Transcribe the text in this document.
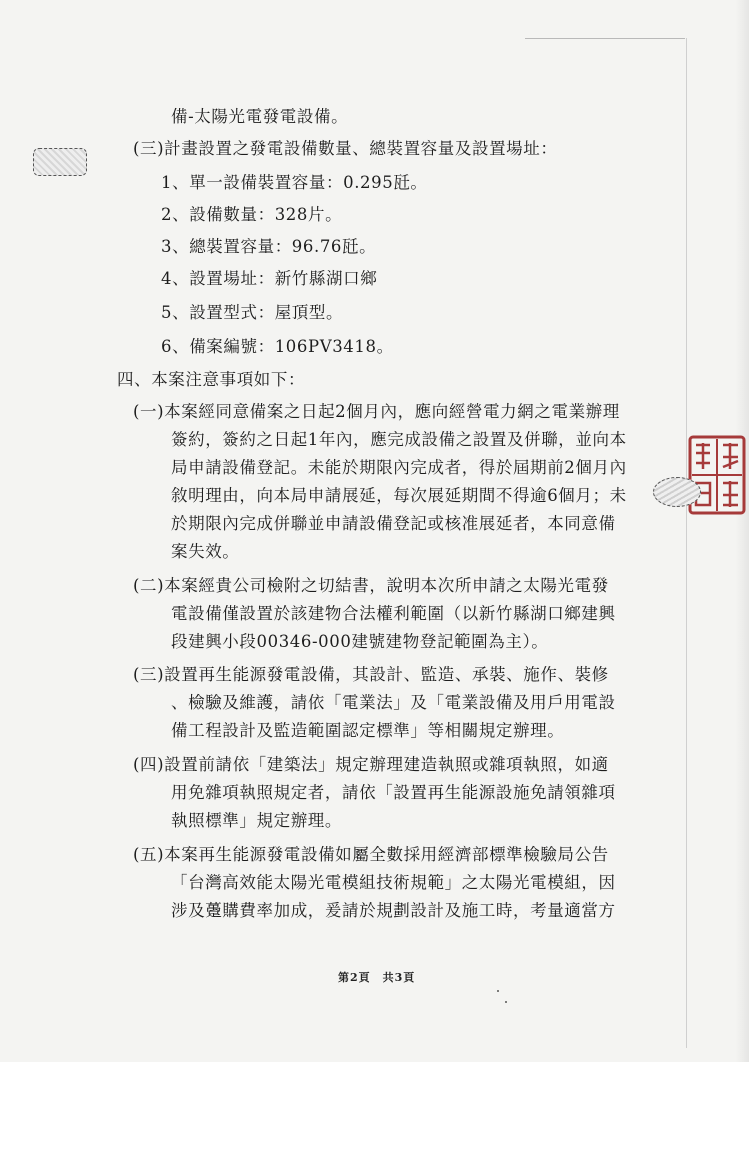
備-太陽光電發電設備。
(三)計畫設置之發電設備數量、總裝置容量及設置場址：
1、單一設備裝置容量：0.295瓩。
2、設備數量：328片。
3、總裝置容量：96.76瓩。
4、設置場址：新竹縣湖口鄉
5、設置型式：屋頂型。
6、備案編號：106PV3418。
四、本案注意事項如下：
(一)本案經同意備案之日起2個月內，應向經營電力網之電業辦理
簽約，簽約之日起1年內，應完成設備之設置及併聯，並向本
局申請設備登記。未能於期限內完成者，得於屆期前2個月內
敘明理由，向本局申請展延，每次展延期間不得逾6個月；未
於期限內完成併聯並申請設備登記或核准展延者，本同意備
案失效。
(二)本案經貴公司檢附之切結書，說明本次所申請之太陽光電發
電設備僅設置於該建物合法權利範圍（以新竹縣湖口鄉建興
段建興小段00346-000建號建物登記範圍為主）。
(三)設置再生能源發電設備，其設計、監造、承裝、施作、裝修
、檢驗及維護，請依「電業法」及「電業設備及用戶用電設
備工程設計及監造範圍認定標準」等相關規定辦理。
(四)設置前請依「建築法」規定辦理建造執照或雜項執照，如適
用免雜項執照規定者，請依「設置再生能源設施免請領雜項
執照標準」規定辦理。
(五)本案再生能源發電設備如屬全數採用經濟部標準檢驗局公告
「台灣高效能太陽光電模組技術規範」之太陽光電模組，因
涉及躉購費率加成，爰請於規劃設計及施工時，考量適當方
第2頁　共3頁
